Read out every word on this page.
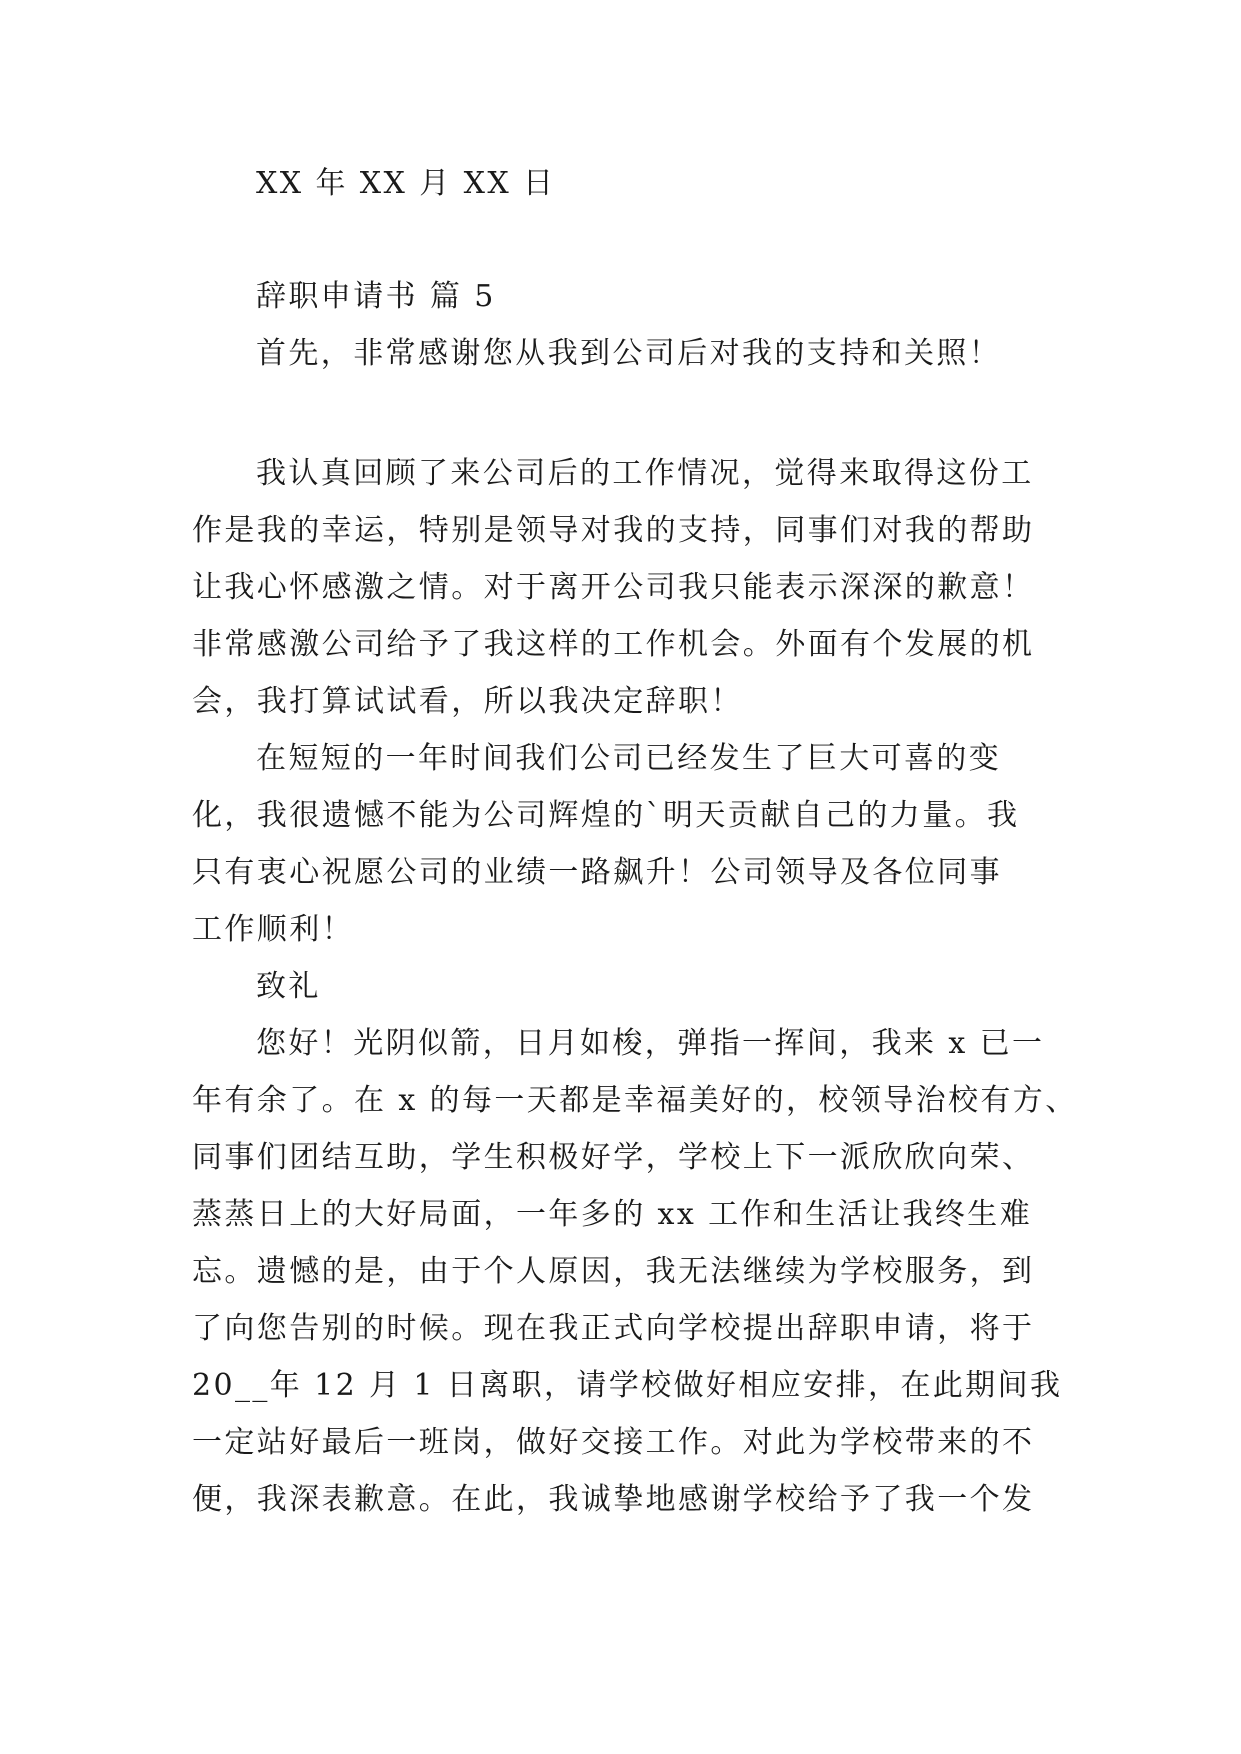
XX 年 XX 月 XX 日
辞职申请书 篇 5
首先，非常感谢您从我到公司后对我的支持和关照！
我认真回顾了来公司后的工作情况，觉得来取得这份工
作是我的幸运，特别是领导对我的支持，同事们对我的帮助
让我心怀感激之情。对于离开公司我只能表示深深的歉意！
非常感激公司给予了我这样的工作机会。外面有个发展的机
会，我打算试试看，所以我决定辞职！
在短短的一年时间我们公司已经发生了巨大可喜的变
化，我很遗憾不能为公司辉煌的`明天贡献自己的力量。我
只有衷心祝愿公司的业绩一路飙升！公司领导及各位同事
工作顺利！
致礼
您好！光阴似箭，日月如梭，弹指一挥间，我来 x 已一
年有余了。在 x 的每一天都是幸福美好的，校领导治校有方、
同事们团结互助，学生积极好学，学校上下一派欣欣向荣、
蒸蒸日上的大好局面，一年多的 xx 工作和生活让我终生难
忘。遗憾的是，由于个人原因，我无法继续为学校服务，到
了向您告别的时候。现在我正式向学校提出辞职申请，将于
20__年 12 月 1 日离职，请学校做好相应安排，在此期间我
一定站好最后一班岗，做好交接工作。对此为学校带来的不
便，我深表歉意。在此，我诚挚地感谢学校给予了我一个发
